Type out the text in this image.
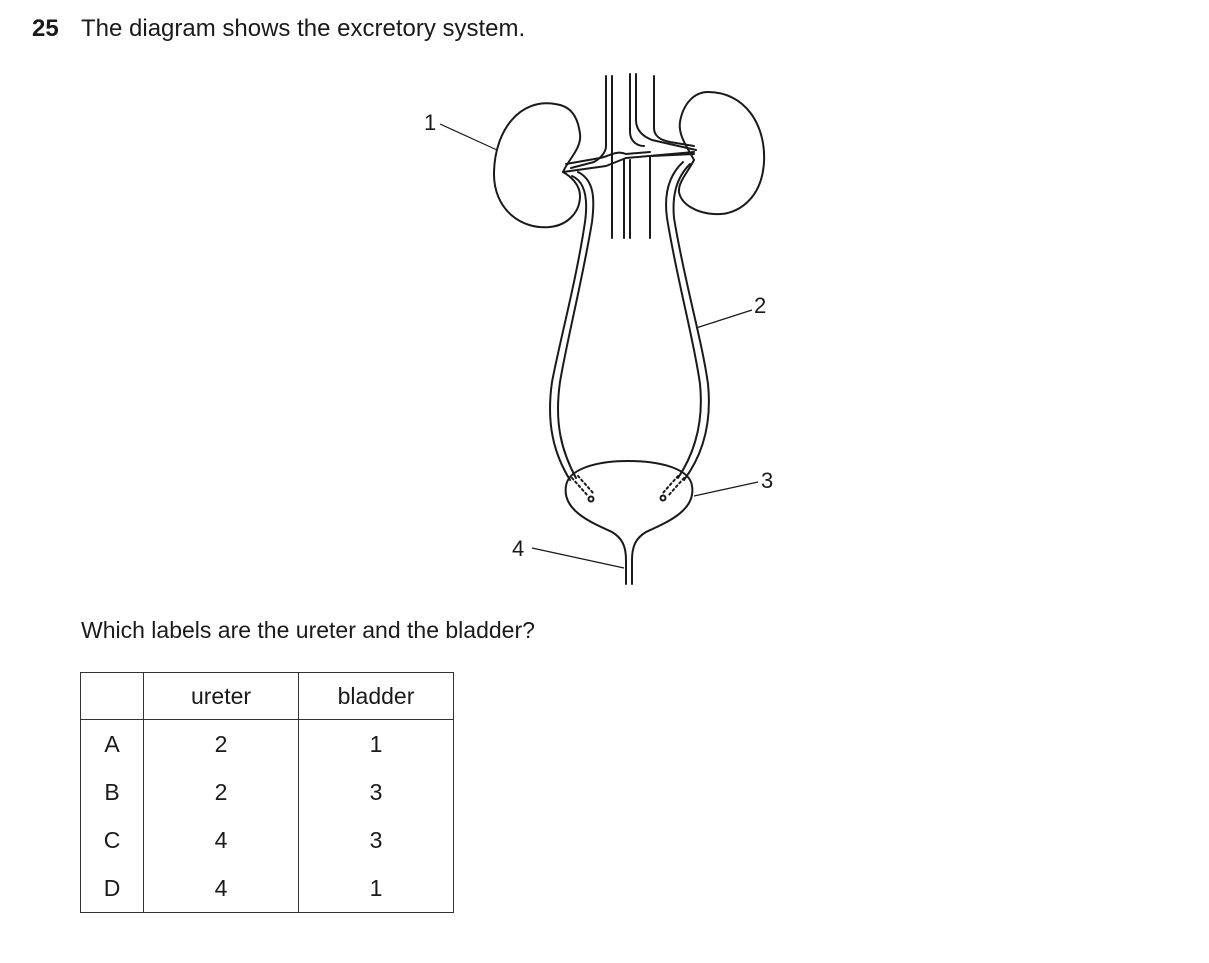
25 The diagram shows the excretory system.
1
2
3
4
Which labels are the ureter and the bladder?
	ureter	bladder
A	2	1
B	2	3
C	4	3
D	4	1
